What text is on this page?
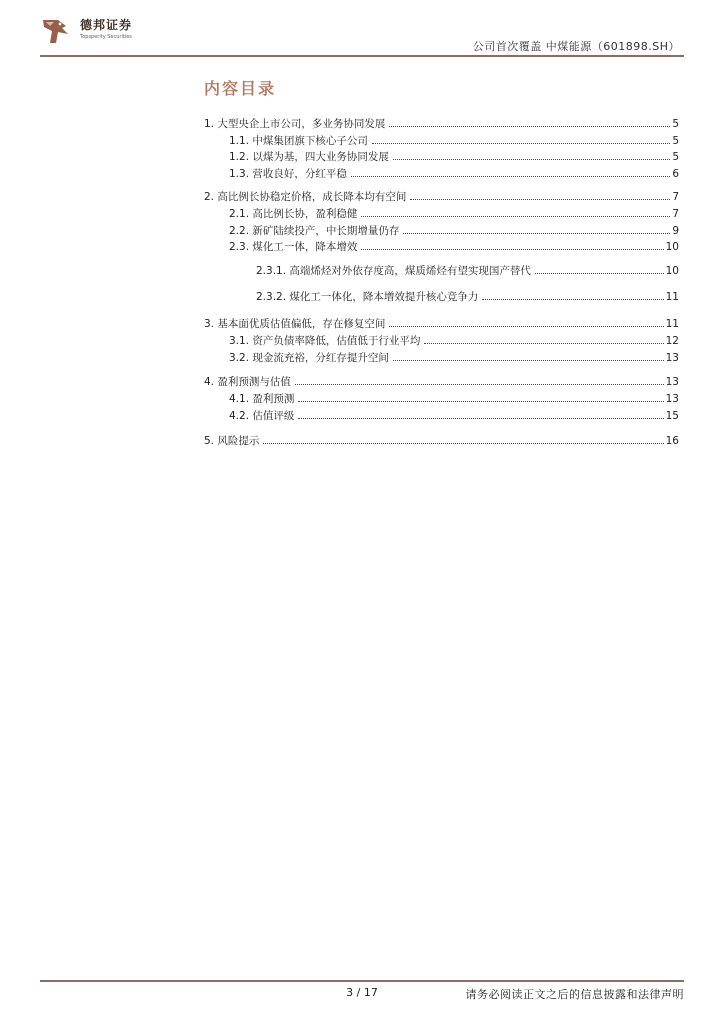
德邦证券
Topsperity Securities
公司首次覆盖 中煤能源（601898.SH）
内容目录
1. 大型央企上市公司，多业务协同发展	5
1.1. 中煤集团旗下核心子公司	5
1.2. 以煤为基，四大业务协同发展	5
1.3. 营收良好，分红平稳	6
2. 高比例长协稳定价格，成长降本均有空间	7
2.1. 高比例长协，盈利稳健	7
2.2. 新矿陆续投产，中长期增量仍存	9
2.3. 煤化工一体，降本增效	10
2.3.1. 高端烯烃对外依存度高，煤质烯烃有望实现国产替代	10
2.3.2. 煤化工一体化，降本增效提升核心竞争力	11
3. 基本面优质估值偏低，存在修复空间	11
3.1. 资产负债率降低，估值低于行业平均	12
3.2. 现金流充裕，分红存提升空间	13
4. 盈利预测与估值	13
4.1. 盈利预测	13
4.2. 估值评级	15
5. 风险提示	16
3 / 17	请务必阅读正文之后的信息披露和法律声明
